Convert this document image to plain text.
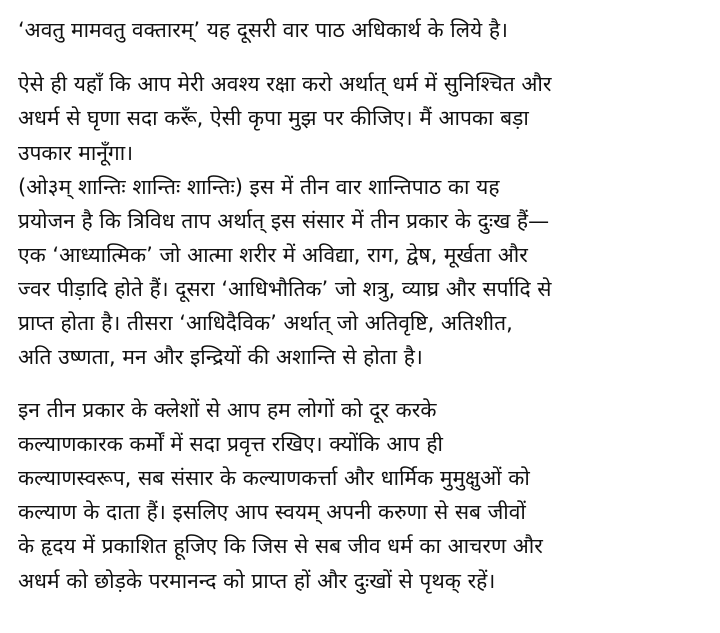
‘अवतु मामवतु वक्तारम्’ यह दूसरी वार पाठ अधिकार्थ के लिये है।
ऐसे ही यहाँ कि आप मेरी अवश्य रक्षा करो अर्थात् धर्म में सुनिश्चित और
अधर्म से घृणा सदा करूँ, ऐसी कृपा मुझ पर कीजिए। मैं आपका बड़ा
उपकार मानूँगा।
(ओ३म् शान्तिः शान्तिः शान्तिः) इस में तीन वार शान्तिपाठ का यह
प्रयोजन है कि त्रिविध ताप अर्थात् इस संसार में तीन प्रकार के दुःख हैं—
एक ‘आध्यात्मिक’ जो आत्मा शरीर में अविद्या, राग, द्वेष, मूर्खता और
ज्वर पीड़ादि होते हैं। दूसरा ‘आधिभौतिक’ जो शत्रु, व्याघ्र और सर्पादि से
प्राप्त होता है। तीसरा ‘आधिदैविक’ अर्थात् जो अतिवृष्टि, अतिशीत,
अति उष्णता, मन और इन्द्रियों की अशान्ति से होता है।
इन तीन प्रकार के क्लेशों से आप हम लोगों को दूर करके
कल्याणकारक कर्मों में सदा प्रवृत्त रखिए। क्योंकि आप ही
कल्याणस्वरूप, सब संसार के कल्याणकर्त्ता और धार्मिक मुमुक्षुओं को
कल्याण के दाता हैं। इसलिए आप स्वयम् अपनी करुणा से सब जीवों
के हृदय में प्रकाशित हूजिए कि जिस से सब जीव धर्म का आचरण और
अधर्म को छोड़के परमानन्द को प्राप्त हों और दुःखों से पृथक् रहें।
